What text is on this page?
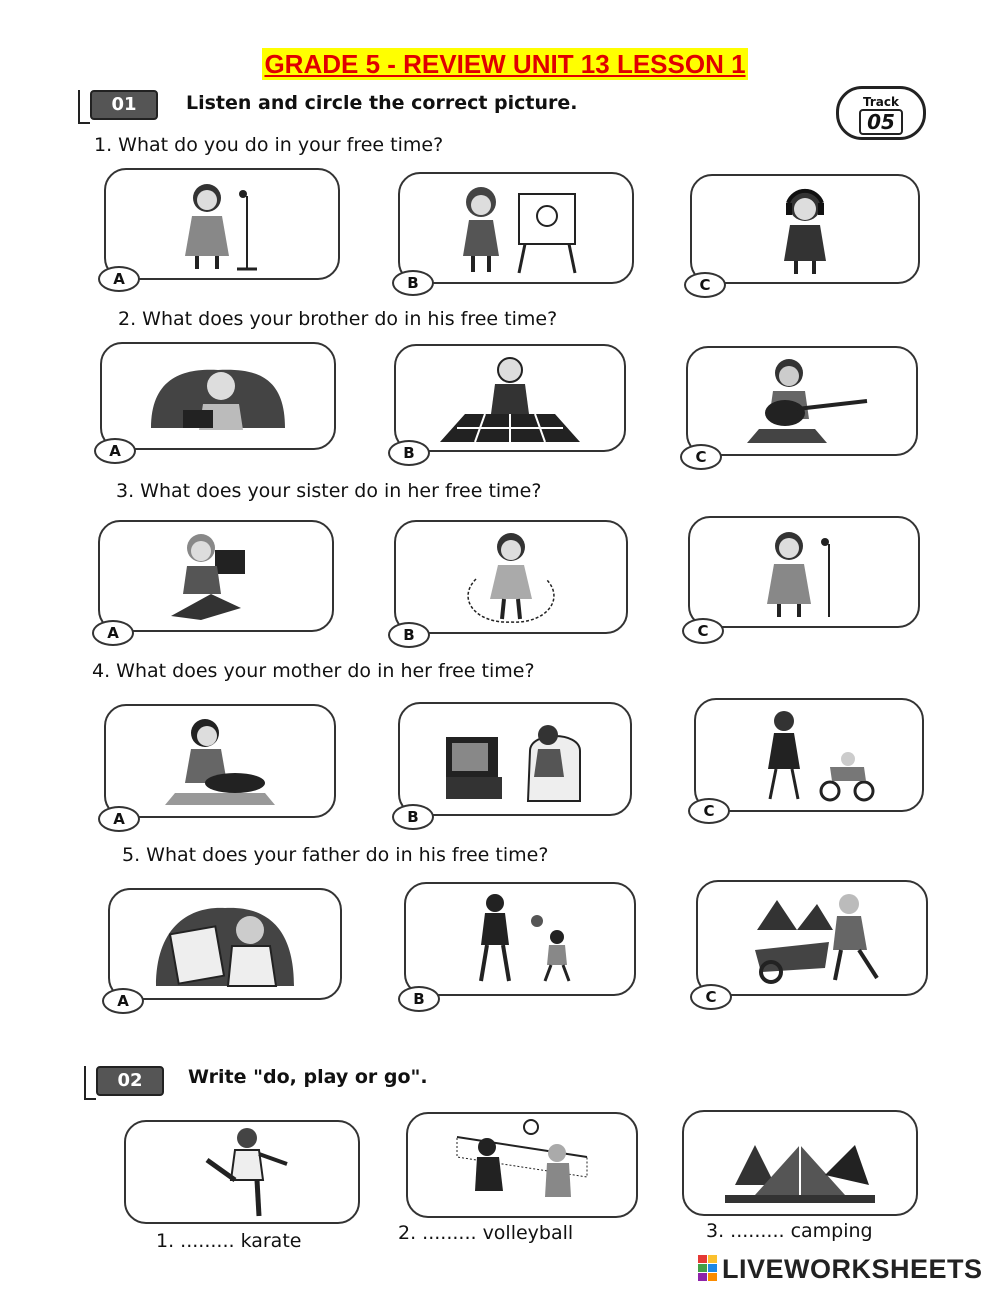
GRADE 5 - REVIEW UNIT 13 LESSON 1
01	Listen and circle the correct picture.	Track
05
1. What do you do in your free time?
A	B	C
2. What does your brother do in his free time?
A	B	C
3. What does your sister do in her free time?
A	B	C
4. What does your mother do in her free time?
A	B	C
5. What does your father do in his free time?
A	B	C
02	Write "do, play or go".
1. ......... karate	2. ......... volleyball	3. ......... camping
LIVEWORKSHEETS
